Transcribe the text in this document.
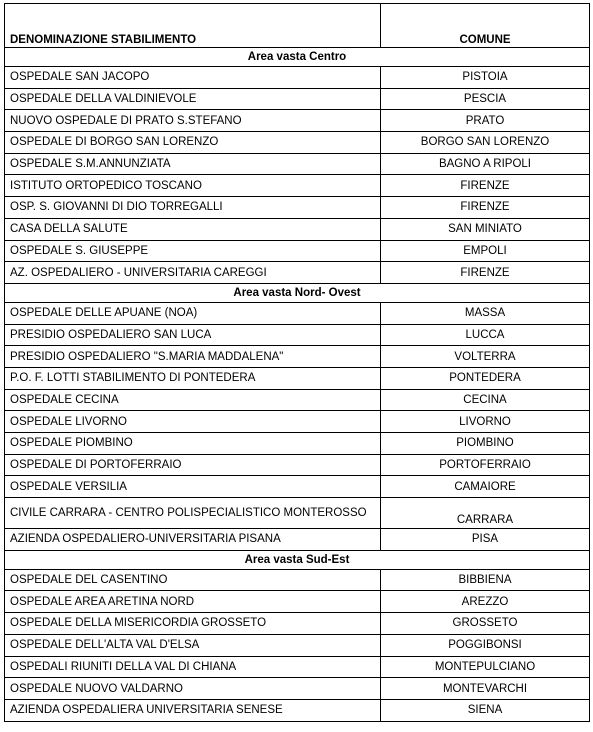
DENOMINAZIONE STABILIMENTO	COMUNE
Area vasta Centro	
OSPEDALE SAN JACOPO	PISTOIA
OSPEDALE DELLA VALDINIEVOLE	PESCIA
NUOVO OSPEDALE DI PRATO S.STEFANO	PRATO
OSPEDALE DI BORGO SAN LORENZO	BORGO SAN LORENZO
OSPEDALE S.M.ANNUNZIATA	BAGNO A RIPOLI
ISTITUTO ORTOPEDICO TOSCANO	FIRENZE
OSP. S. GIOVANNI DI DIO TORREGALLI	FIRENZE
CASA DELLA SALUTE	SAN MINIATO
OSPEDALE S. GIUSEPPE	EMPOLI
AZ. OSPEDALIERO - UNIVERSITARIA CAREGGI	FIRENZE
Area vasta Nord- Ovest	
OSPEDALE DELLE APUANE (NOA)	MASSA
PRESIDIO OSPEDALIERO SAN LUCA	LUCCA
PRESIDIO OSPEDALIERO "S.MARIA MADDALENA"	VOLTERRA
P.O. F. LOTTI STABILIMENTO DI PONTEDERA	PONTEDERA
OSPEDALE CECINA	CECINA
OSPEDALE LIVORNO	LIVORNO
OSPEDALE PIOMBINO	PIOMBINO
OSPEDALE DI PORTOFERRAIO	PORTOFERRAIO
OSPEDALE VERSILIA	CAMAIORE
CIVILE CARRARA - CENTRO POLISPECIALISTICO MONTEROSSO	CARRARA
AZIENDA OSPEDALIERO-UNIVERSITARIA PISANA	PISA
Area vasta Sud-Est	
OSPEDALE DEL CASENTINO	BIBBIENA
OSPEDALE AREA ARETINA NORD	AREZZO
OSPEDALE DELLA MISERICORDIA GROSSETO	GROSSETO
OSPEDALE DELL'ALTA VAL D'ELSA	POGGIBONSI
OSPEDALI RIUNITI DELLA VAL DI CHIANA	MONTEPULCIANO
OSPEDALE NUOVO VALDARNO	MONTEVARCHI
AZIENDA OSPEDALIERA UNIVERSITARIA SENESE	SIENA
